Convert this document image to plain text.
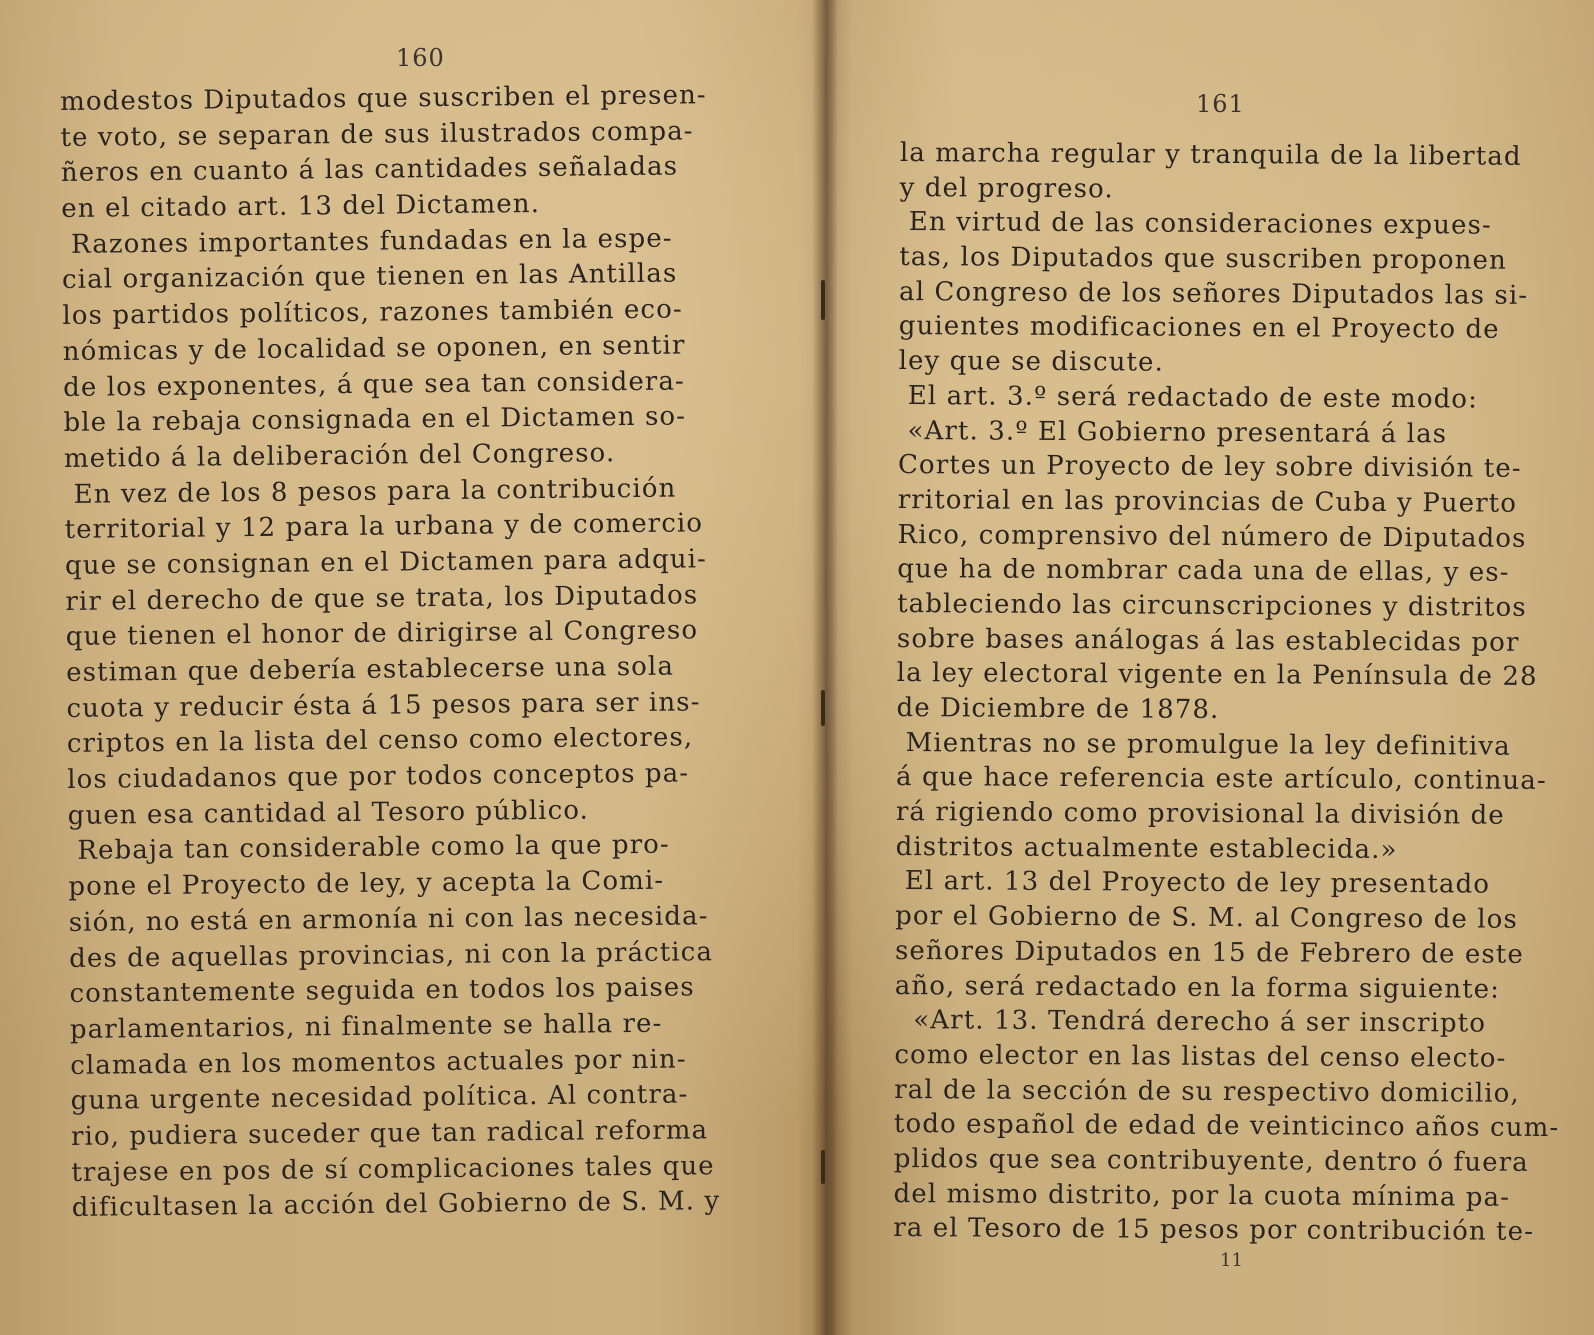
160
modestos Diputados que suscriben el presen-
te voto, se separan de sus ilustrados compa-
ñeros en cuanto á las cantidades señaladas
en el citado art. 13 del Dictamen.
Razones importantes fundadas en la espe-
cial organización que tienen en las Antillas
los partidos políticos, razones también eco-
nómicas y de localidad se oponen, en sentir
de los exponentes, á que sea tan considera-
ble la rebaja consignada en el Dictamen so-
metido á la deliberación del Congreso.
En vez de los 8 pesos para la contribución
territorial y 12 para la urbana y de comercio
que se consignan en el Dictamen para adqui-
rir el derecho de que se trata, los Diputados
que tienen el honor de dirigirse al Congreso
estiman que debería establecerse una sola
cuota y reducir ésta á 15 pesos para ser ins-
criptos en la lista del censo como electores,
los ciudadanos que por todos conceptos pa-
guen esa cantidad al Tesoro público.
Rebaja tan considerable como la que pro-
pone el Proyecto de ley, y acepta la Comi-
sión, no está en armonía ni con las necesida-
des de aquellas provincias, ni con la práctica
constantemente seguida en todos los paises
parlamentarios, ni finalmente se halla re-
clamada en los momentos actuales por nin-
guna urgente necesidad política. Al contra-
rio, pudiera suceder que tan radical reforma
trajese en pos de sí complicaciones tales que
dificultasen la acción del Gobierno de S. M. y
161
la marcha regular y tranquila de la libertad
y del progreso.
En virtud de las consideraciones expues-
tas, los Diputados que suscriben proponen
al Congreso de los señores Diputados las si-
guientes modificaciones en el Proyecto de
ley que se discute.
El art. 3.º será redactado de este modo:
«Art. 3.º El Gobierno presentará á las
Cortes un Proyecto de ley sobre división te-
rritorial en las provincias de Cuba y Puerto
Rico, comprensivo del número de Diputados
que ha de nombrar cada una de ellas, y es-
tableciendo las circunscripciones y distritos
sobre bases análogas á las establecidas por
la ley electoral vigente en la Península de 28
de Diciembre de 1878.
Mientras no se promulgue la ley definitiva
á que hace referencia este artículo, continua-
rá rigiendo como provisional la división de
distritos actualmente establecida.»
El art. 13 del Proyecto de ley presentado
por el Gobierno de S. M. al Congreso de los
señores Diputados en 15 de Febrero de este
año, será redactado en la forma siguiente:
«Art. 13. Tendrá derecho á ser inscripto
como elector en las listas del censo electo-
ral de la sección de su respectivo domicilio,
todo español de edad de veinticinco años cum-
plidos que sea contribuyente, dentro ó fuera
del mismo distrito, por la cuota mínima pa-
ra el Tesoro de 15 pesos por contribución te-
11
